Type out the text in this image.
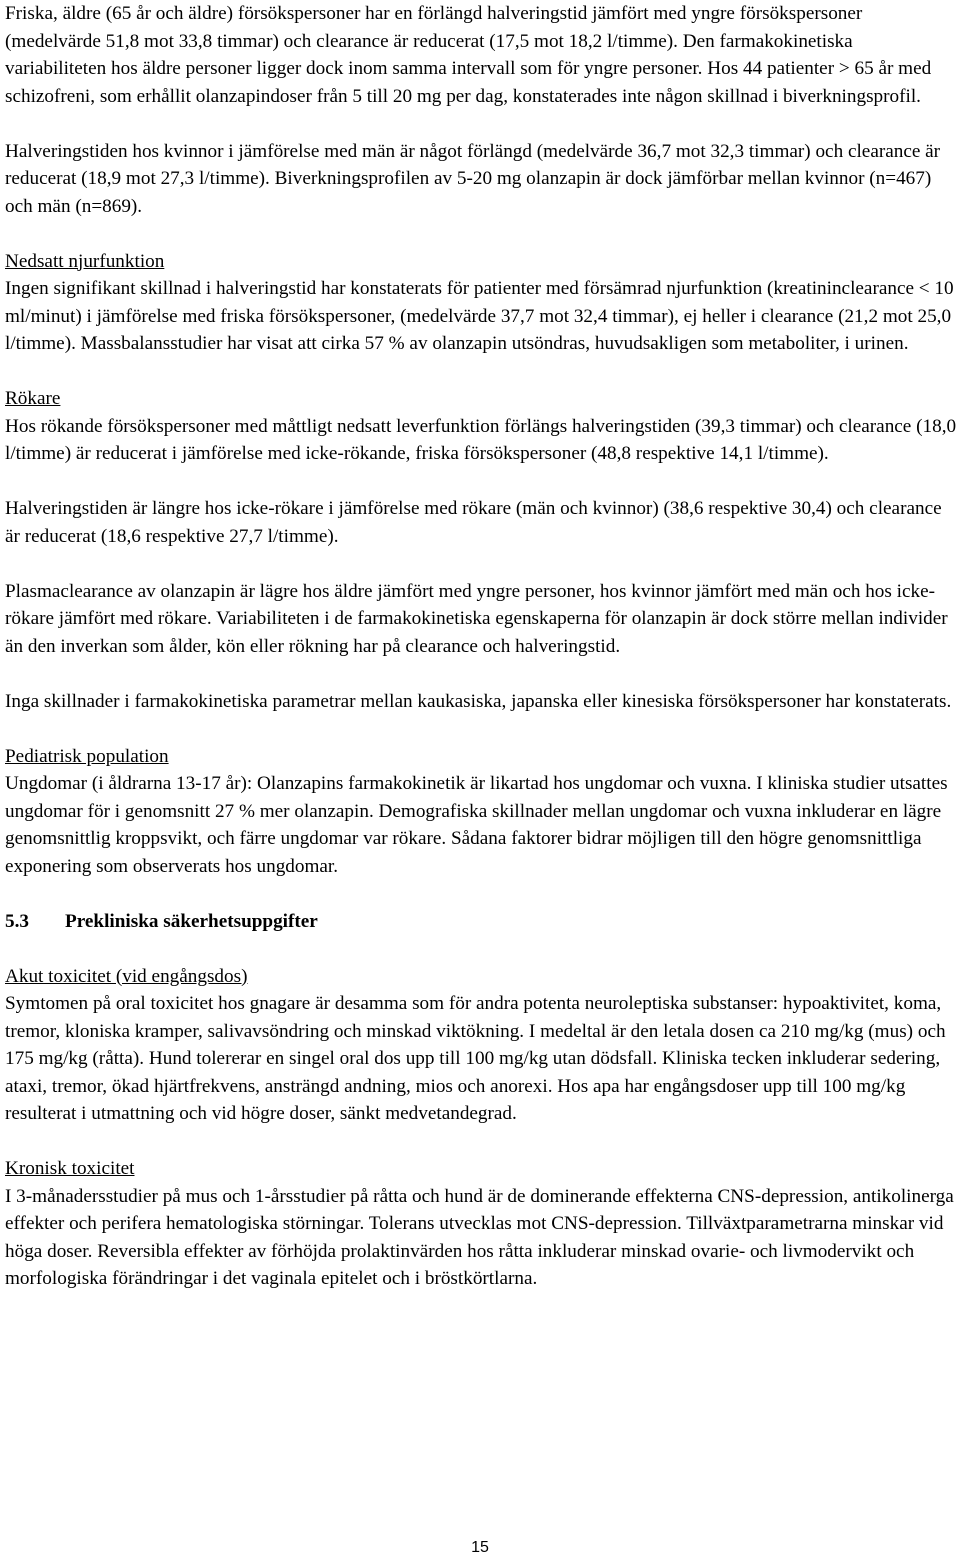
Friska, äldre (65 år och äldre) försökspersoner har en förlängd halveringstid jämfört med yngre försökspersoner (medelvärde 51,8 mot 33,8 timmar) och clearance är reducerat (17,5 mot 18,2 l/timme). Den farmakokinetiska variabiliteten hos äldre personer ligger dock inom samma intervall som för yngre personer. Hos 44 patienter > 65 år med schizofreni, som erhållit olanzapindoser från 5 till 20 mg per dag, konstaterades inte någon skillnad i biverkningsprofil.

Halveringstiden hos kvinnor i jämförelse med män är något förlängd (medelvärde 36,7 mot 32,3 timmar) och clearance är reducerat (18,9 mot 27,3 l/timme). Biverkningsprofilen av 5-20 mg olanzapin är dock jämförbar mellan kvinnor (n=467) och män (n=869).

Nedsatt njurfunktion
Ingen signifikant skillnad i halveringstid har konstaterats för patienter med försämrad njurfunktion (kreatininclearance < 10 ml/minut) i jämförelse med friska försökspersoner, (medelvärde 37,7 mot 32,4 timmar), ej heller i clearance (21,2 mot 25,0 l/timme). Massbalansstudier har visat att cirka 57 % av olanzapin utsöndras, huvudsakligen som metaboliter, i urinen.
Rökare
Hos rökande försökspersoner med måttligt nedsatt leverfunktion förlängs halveringstiden (39,3 timmar) och clearance (18,0 l/timme) är reducerat i jämförelse med icke-rökande, friska försökspersoner (48,8 respektive 14,1 l/timme).

Halveringstiden är längre hos icke-rökare i jämförelse med rökare (män och kvinnor) (38,6 respektive 30,4) och clearance är reducerat (18,6 respektive 27,7 l/timme).

Plasmaclearance av olanzapin är lägre hos äldre jämfört med yngre personer, hos kvinnor jämfört med män och hos icke-rökare jämfört med rökare. Variabiliteten i de farmakokinetiska egenskaperna för olanzapin är dock större mellan individer än den inverkan som ålder, kön eller rökning har på clearance och halveringstid.

Inga skillnader i farmakokinetiska parametrar mellan kaukasiska, japanska eller kinesiska försökspersoner har konstaterats.

Pediatrisk population
Ungdomar (i åldrarna 13-17 år): Olanzapins farmakokinetik är likartad hos ungdomar och vuxna. I kliniska studier utsattes ungdomar för i genomsnitt 27 % mer olanzapin. Demografiska skillnader mellan ungdomar och vuxna inkluderar en lägre genomsnittlig kroppsvikt, och färre ungdomar var rökare. Sådana faktorer bidrar möjligen till den högre genomsnittliga exponering som observerats hos ungdomar.
5.3 Prekliniska säkerhetsuppgifter
Akut toxicitet (vid engångsdos)
Symtomen på oral toxicitet hos gnagare är desamma som för andra potenta neuroleptiska substanser: hypoaktivitet, koma, tremor, kloniska kramper, salivavsöndring och minskad viktökning. I medeltal är den letala dosen ca 210 mg/kg (mus) och 175 mg/kg (råtta). Hund tolererar en singel oral dos upp till 100 mg/kg utan dödsfall. Kliniska tecken inkluderar sedering, ataxi, tremor, ökad hjärtfrekvens, ansträngd andning, mios och anorexi. Hos apa har engångsdoser upp till 100 mg/kg resulterat i utmattning och vid högre doser, sänkt medvetandegrad.
Kronisk toxicitet
I 3-månadersstudier på mus och 1-årsstudier på råtta och hund är de dominerande effekterna CNS-depression, antikolinerga effekter och perifera hematologiska störningar. Tolerans utvecklas mot CNS-depression. Tillväxtparametrarna minskar vid höga doser. Reversibla effekter av förhöjda prolaktinvärden hos råtta inkluderar minskad ovarie- och livmodervikt och morfologiska förändringar i det vaginala epitelet och i bröstkörtlarna.
15
